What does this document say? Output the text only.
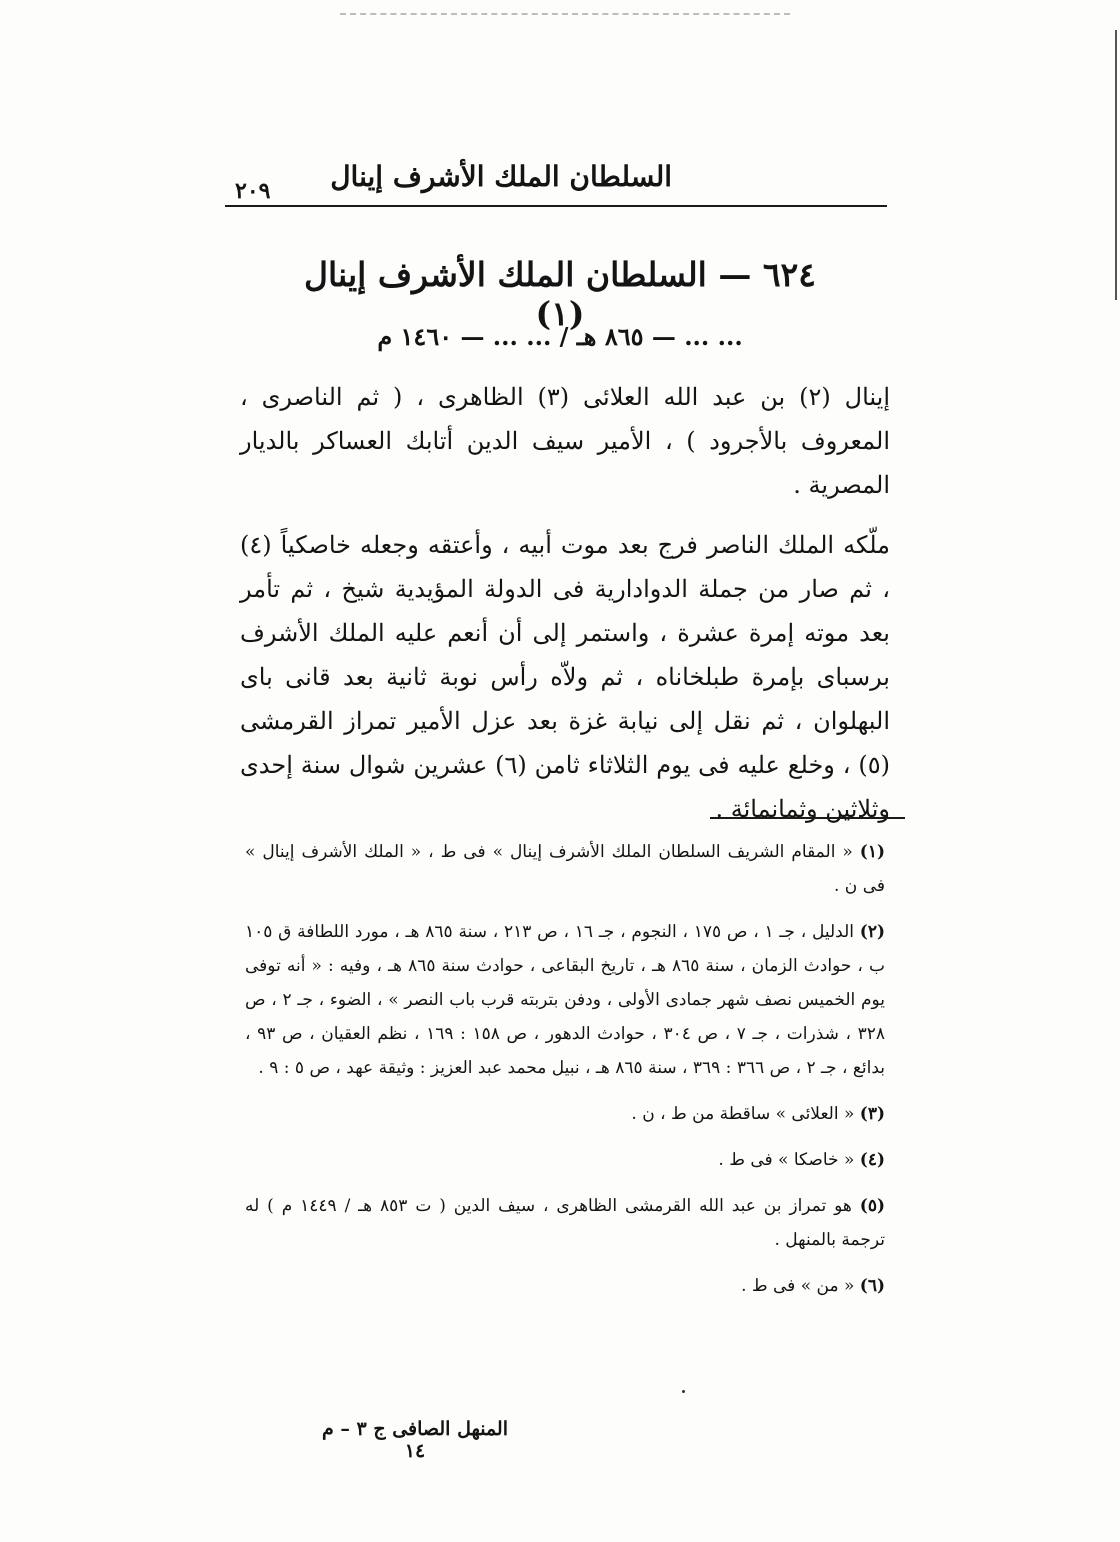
السلطان الملك الأشرف إينال
٢٠٩
٦٢٤ — السلطان الملك الأشرف إينال (١)
... ... — ٨٦٥ هـ / ... ... — ١٤٦٠ م

إينال (٢) بن عبد الله العلائى (٣) الظاهرى ، ( ثم الناصرى ، المعروف بالأجرود ) ، الأمير سيف الدين أتابك العساكر بالديار المصرية .

ملّكه الملك الناصر فرج بعد موت أبيه ، وأعتقه وجعله خاصكياً (٤) ، ثم صار من جملة الدوادارية فى الدولة المؤيدية شيخ ، ثم تأمر بعد موته إمرة عشرة ، واستمر إلى أن أنعم عليه الملك الأشرف برسباى بإمرة طبلخاناه ، ثم ولاّه رأس نوبة ثانية بعد قانى باى البهلوان ، ثم نقل إلى نيابة غزة بعد عزل الأمير تمراز القرمشى (٥) ، وخلع عليه فى يوم الثلاثاء ثامن (٦) عشرين شوال سنة إحدى وثلاثين وثمانمائة .

(١) « المقام الشريف السلطان الملك الأشرف إينال » فى ط ، « الملك الأشرف إينال » فى ن .

(٢) الدليل ، جـ ١ ، ص ١٧٥ ، النجوم ، جـ ١٦ ، ص ٢١٣ ، سنة ٨٦٥ هـ ، مورد اللطافة ق ١٠٥ ب ، حوادث الزمان ، سنة ٨٦٥ هـ ، تاريخ البقاعى ، حوادث سنة ٨٦٥ هـ ، وفيه : « أنه توفى يوم الخميس نصف شهر جمادى الأولى ، ودفن بتربته قرب باب النصر » ، الضوء ، جـ ٢ ، ص ٣٢٨ ، شذرات ، جـ ٧ ، ص ٣٠٤ ، حوادث الدهور ، ص ١٥٨ : ١٦٩ ، نظم العقيان ، ص ٩٣ ، بدائع ، جـ ٢ ، ص ٣٦٦ : ٣٦٩ ، سنة ٨٦٥ هـ ، نبيل محمد عبد العزيز : وثيقة عهد ، ص ٥ : ٩ .

(٣) « العلائى » ساقطة من ط ، ن .

(٤) « خاصكا » فى ط .

(٥) هو تمراز بن عبد الله القرمشى الظاهرى ، سيف الدين ( ت ٨٥٣ هـ / ١٤٤٩ م ) له ترجمة بالمنهل .

(٦) « من » فى ط .

المنهل الصافى ج ٣ – م ١٤
